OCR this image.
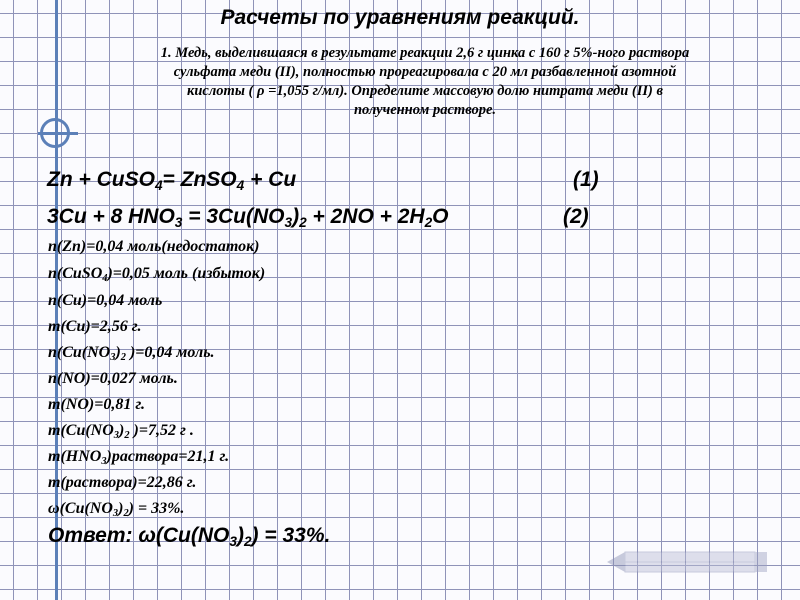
Расчеты по уравнениям реакций.
1. Медь, выделившаяся в результате реакции 2,6 г цинка с 160 г 5%-ного раствора
сульфата меди (II), полностью прореагировала с 20 мл разбавленной азотной
кислоты ( ρ =1,055 г/мл). Определите массовую долю нитрата меди (II) в
полученном растворе.
Zn + CuSO$_4$= ZnSO$_4$ + Cu	(1)
3Cu + 8 $HNO_3 = 3Cu(NO_3)_2 + 2NO + 2H_2O$	(2)
n(Zn)=0,04 моль(недостаток)
n(CuSO$_4$)=0,05 моль (избыток)
n(Cu)=0,04 моль
m(Cu)=2,56 г.
$n(Cu(NO_3)_2$ )=0,04 моль.
n(NO)=0,027 моль.
m(NO)=0,81 г.
$m(Cu(NO_3)_2$ )=7,52 г .
$m(HNO_3)раствора=21,1$ г.
m(раствора)=22,86 г.
$\omega(Cu(NO_3)_2) = 33\%$.
Ответ: $\omega(Cu(NO_3)_2) = 33\%$.
